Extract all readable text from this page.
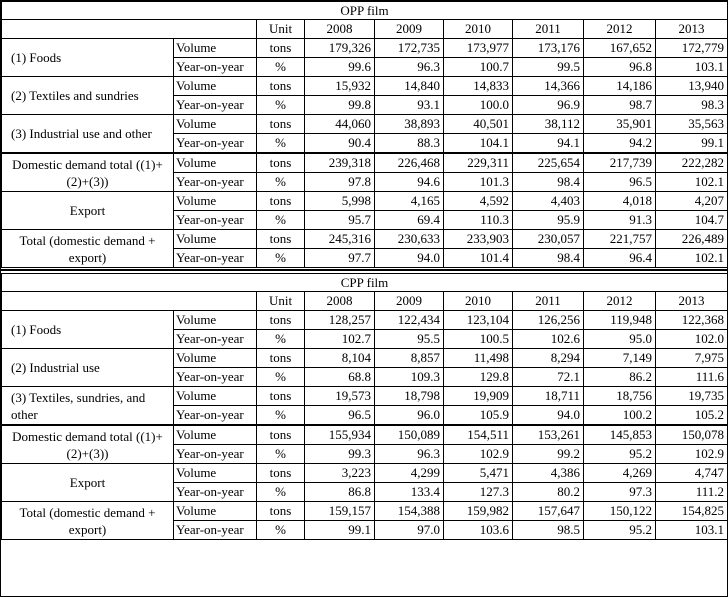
OPP film								
		Unit	2008	2009	2010	2011	2012	2013
(1) Foods	Volume	tons	179,326	172,735	173,977	173,176	167,652	172,779
	Year-on-year	%	99.6	96.3	100.7	99.5	96.8	103.1
(2) Textiles and sundries	Volume	tons	15,932	14,840	14,833	14,366	14,186	13,940
	Year-on-year	%	99.8	93.1	100.0	96.9	98.7	98.3
(3) Industrial use and other	Volume	tons	44,060	38,893	40,501	38,112	35,901	35,563
	Year-on-year	%	90.4	88.3	104.1	94.1	94.2	99.1
Domestic demand total ((1)+(2)+(3))	Volume	tons	239,318	226,468	229,311	225,654	217,739	222,282
	Year-on-year	%	97.8	94.6	101.3	98.4	96.5	102.1
Export	Volume	tons	5,998	4,165	4,592	4,403	4,018	4,207
	Year-on-year	%	95.7	69.4	110.3	95.9	91.3	104.7
Total (domestic demand + export)	Volume	tons	245,316	230,633	233,903	230,057	221,757	226,489
	Year-on-year	%	97.7	94.0	101.4	98.4	96.4	102.1
CPP film								
		Unit	2008	2009	2010	2011	2012	2013
(1) Foods	Volume	tons	128,257	122,434	123,104	126,256	119,948	122,368
	Year-on-year	%	102.7	95.5	100.5	102.6	95.0	102.0
(2) Industrial use	Volume	tons	8,104	8,857	11,498	8,294	7,149	7,975
	Year-on-year	%	68.8	109.3	129.8	72.1	86.2	111.6
(3) Textiles, sundries, and other	Volume	tons	19,573	18,798	19,909	18,711	18,756	19,735
	Year-on-year	%	96.5	96.0	105.9	94.0	100.2	105.2
Domestic demand total ((1)+(2)+(3))	Volume	tons	155,934	150,089	154,511	153,261	145,853	150,078
	Year-on-year	%	99.3	96.3	102.9	99.2	95.2	102.9
Export	Volume	tons	3,223	4,299	5,471	4,386	4,269	4,747
	Year-on-year	%	86.8	133.4	127.3	80.2	97.3	111.2
Total (domestic demand + export)	Volume	tons	159,157	154,388	159,982	157,647	150,122	154,825
	Year-on-year	%	99.1	97.0	103.6	98.5	95.2	103.1
